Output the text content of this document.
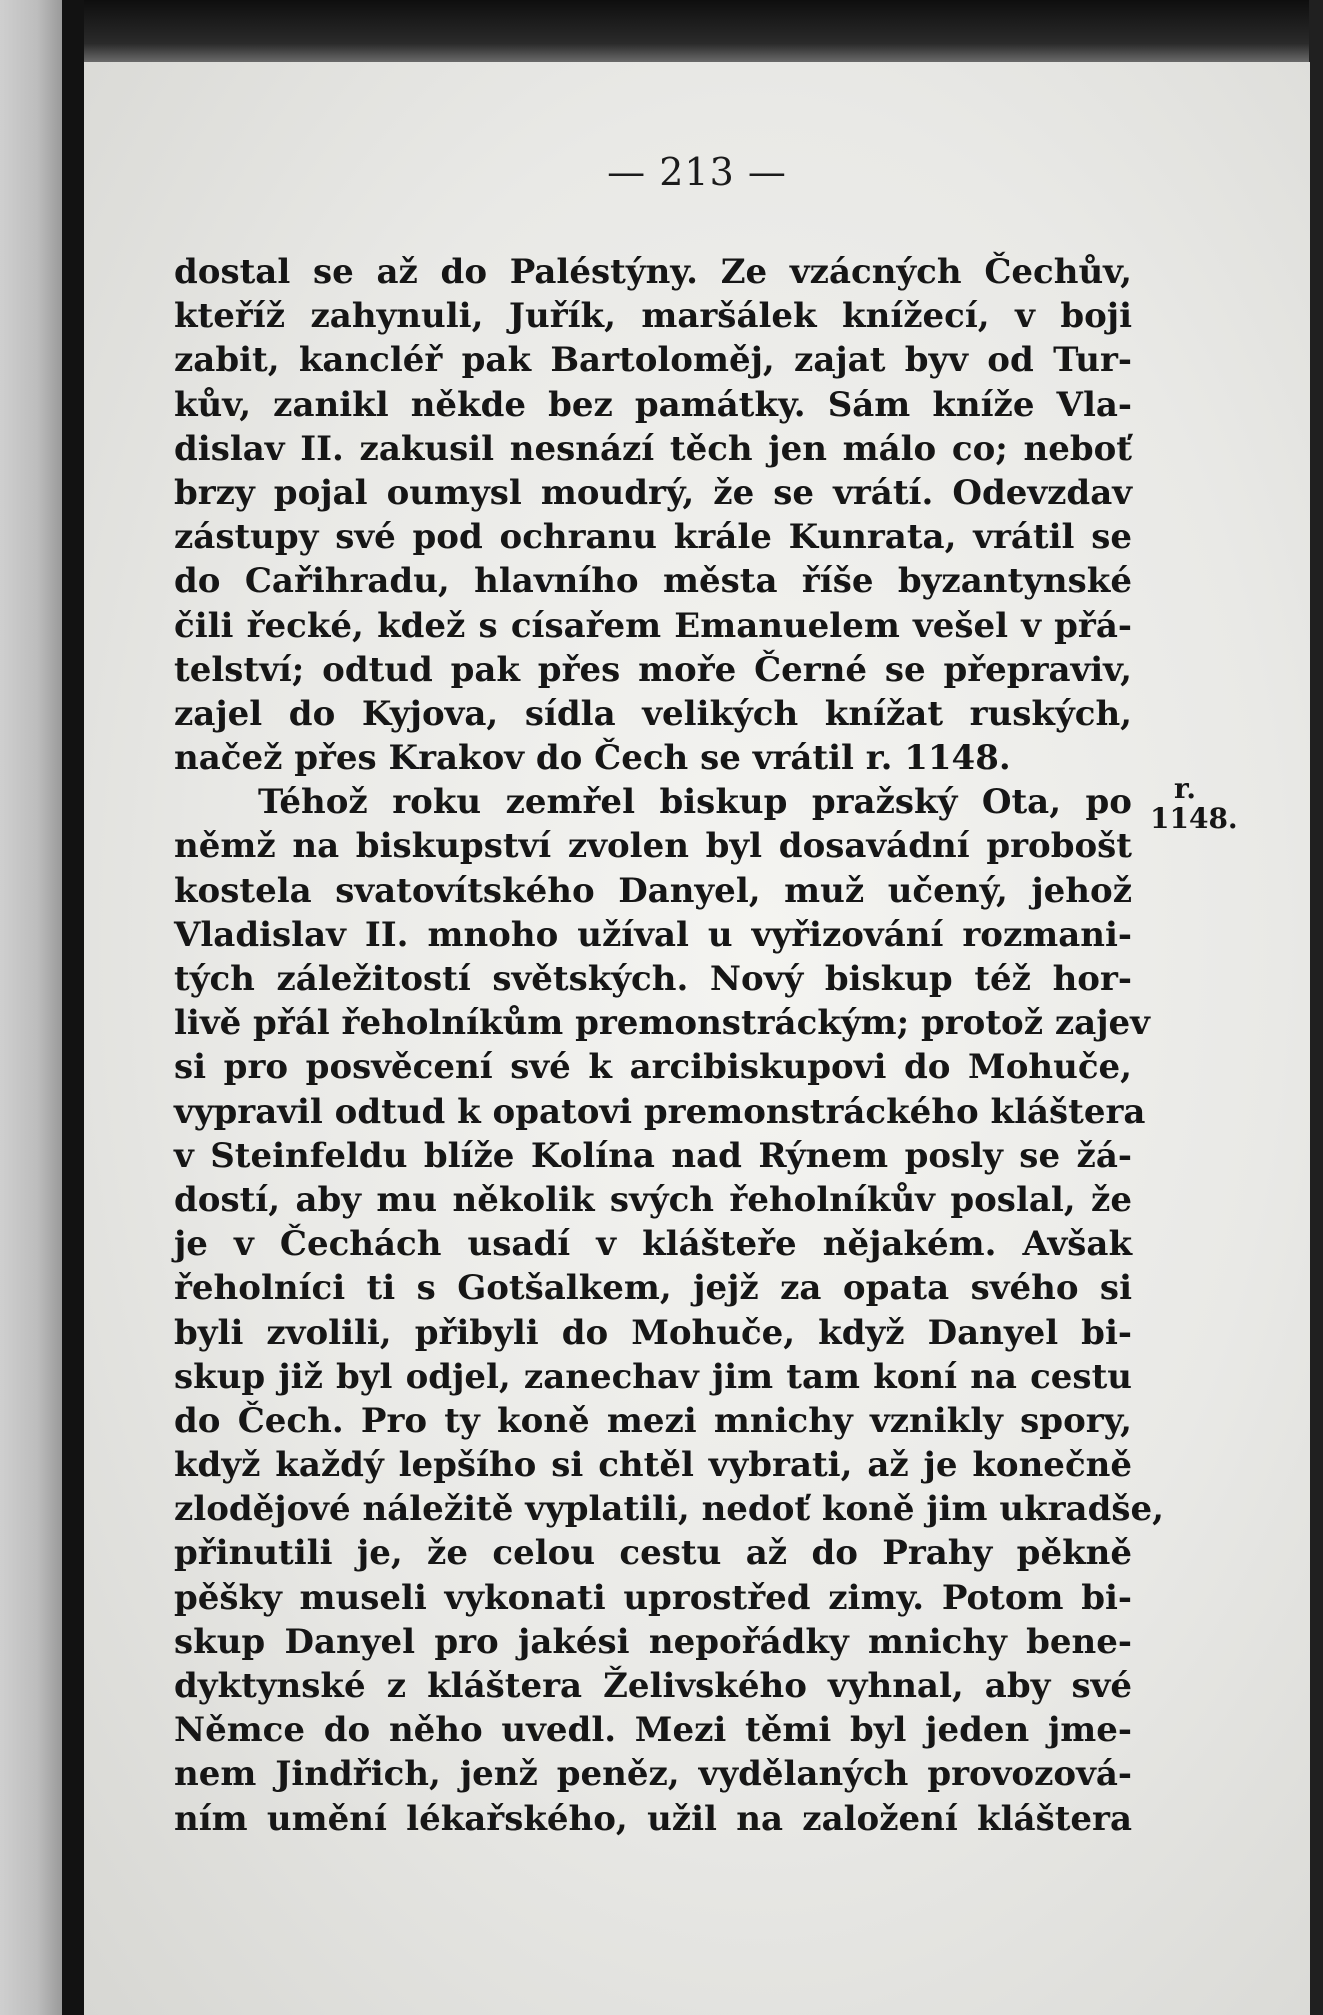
— 213 —
dostal se až do Paléstýny. Ze vzácných Čechův,
kteříž zahynuli, Juřík, maršálek knížecí, v boji
zabit, kancléř pak Bartoloměj, zajat byv od Tur-
kův, zanikl někde bez památky. Sám kníže Vla-
dislav II. zakusil nesnází těch jen málo co; neboť
brzy pojal oumysl moudrý, že se vrátí. Odevzdav
zástupy své pod ochranu krále Kunrata, vrátil se
do Cařihradu, hlavního města říše byzantynské
čili řecké, kdež s císařem Emanuelem vešel v přá-
telství; odtud pak přes moře Černé se přepraviv,
zajel do Kyjova, sídla velikých knížat ruských,
načež přes Krakov do Čech se vrátil r. 1148.
Téhož roku zemřel biskup pražský Ota, po
němž na biskupství zvolen byl dosavádní probošt
kostela svatovítského Danyel, muž učený, jehož
Vladislav II. mnoho užíval u vyřizování rozmani-
tých záležitostí světských. Nový biskup též hor-
livě přál řeholníkům premonstráckým; protož zajev
si pro posvěcení své k arcibiskupovi do Mohuče,
vypravil odtud k opatovi premonstráckého kláštera
v Steinfeldu blíže Kolína nad Rýnem posly se žá-
dostí, aby mu několik svých řeholníkův poslal, že
je v Čechách usadí v klášteře nějakém. Avšak
řeholníci ti s Gotšalkem, jejž za opata svého si
byli zvolili, přibyli do Mohuče, když Danyel bi-
skup již byl odjel, zanechav jim tam koní na cestu
do Čech. Pro ty koně mezi mnichy vznikly spory,
když každý lepšího si chtěl vybrati, až je konečně
zlodějové náležitě vyplatili, nedoť koně jim ukradše,
přinutili je, že celou cestu až do Prahy pěkně
pěšky museli vykonati uprostřed zimy. Potom bi-
skup Danyel pro jakési nepořádky mnichy bene-
dyktynské z kláštera Želivského vyhnal, aby své
Němce do něho uvedl. Mezi těmi byl jeden jme-
nem Jindřich, jenž peněz, vydělaných provozová-
ním umění lékařského, užil na založení kláštera
r.
1148.
